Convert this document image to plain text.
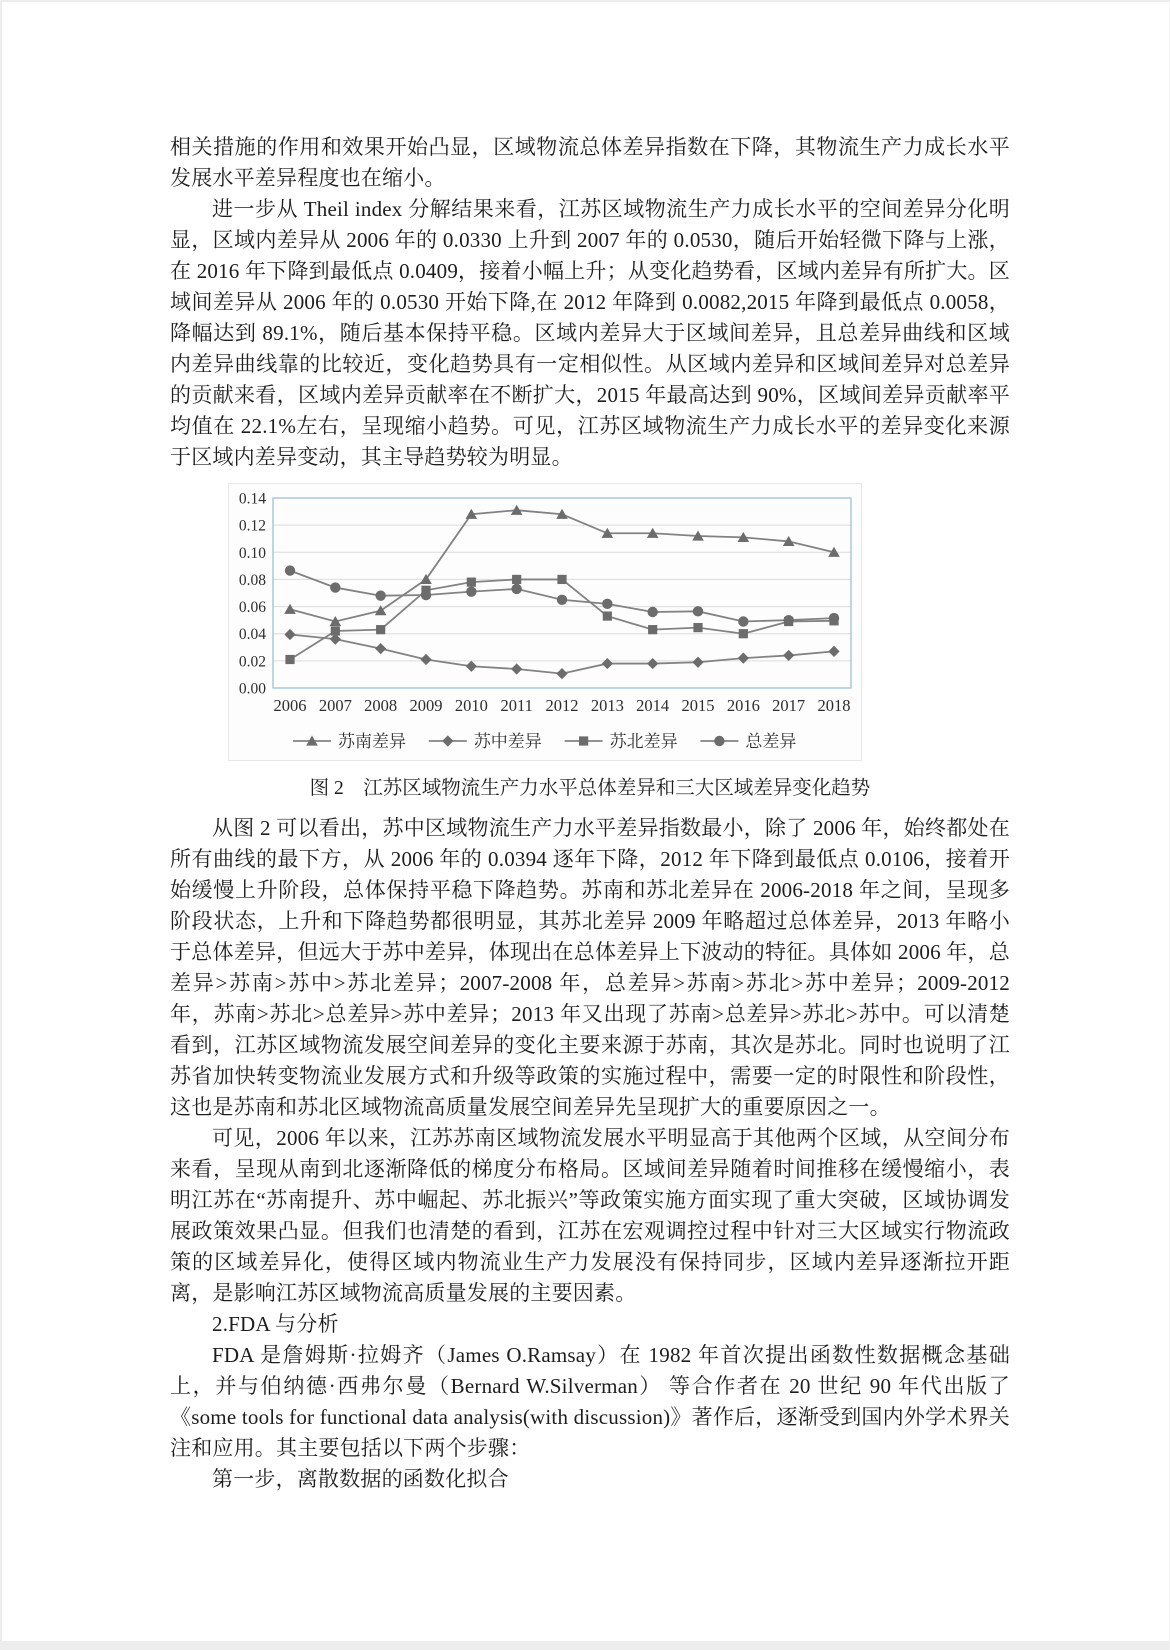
相关措施的作用和效果开始凸显，区域物流总体差异指数在下降，其物流生产力成长水平发展水平差异程度也在缩小。

进一步从 Theil index 分解结果来看，江苏区域物流生产力成长水平的空间差异分化明显，区域内差异从 2006 年的 0.0330 上升到 2007 年的 0.0530，随后开始轻微下降与上涨，在 2016 年下降到最低点 0.0409，接着小幅上升；从变化趋势看，区域内差异有所扩大。区域间差异从 2006 年的 0.0530 开始下降,在 2012 年降到 0.0082,2015 年降到最低点 0.0058，降幅达到 89.1%，随后基本保持平稳。区域内差异大于区域间差异，且总差异曲线和区域内差异曲线靠的比较近，变化趋势具有一定相似性。从区域内差异和区域间差异对总差异的贡献来看，区域内差异贡献率在不断扩大，2015 年最高达到 90%，区域间差异贡献率平均值在 22.1%左右，呈现缩小趋势。可见，江苏区域物流生产力成长水平的差异变化来源于区域内差异变动，其主导趋势较为明显。

0.00
0.02
0.04
0.06
0.08
0.10
0.12
0.14
2006 2007 2008 2009 2010 2011 2012 2013 2014 2015 2016 2017 2018
苏南差异	苏中差异	苏北差异	总差异
图 2　江苏区域物流生产力水平总体差异和三大区域差异变化趋势

从图 2 可以看出，苏中区域物流生产力水平差异指数最小，除了 2006 年，始终都处在所有曲线的最下方，从 2006 年的 0.0394 逐年下降，2012 年下降到最低点 0.0106，接着开始缓慢上升阶段，总体保持平稳下降趋势。苏南和苏北差异在 2006-2018 年之间，呈现多阶段状态，上升和下降趋势都很明显，其苏北差异 2009 年略超过总体差异，2013 年略小于总体差异，但远大于苏中差异，体现出在总体差异上下波动的特征。具体如 2006 年，总差异>苏南>苏中>苏北差异；2007-2008 年，总差异>苏南>苏北>苏中差异；2009-2012 年，苏南>苏北>总差异>苏中差异；2013 年又出现了苏南>总差异>苏北>苏中。可以清楚看到，江苏区域物流发展空间差异的变化主要来源于苏南，其次是苏北。同时也说明了江苏省加快转变物流业发展方式和升级等政策的实施过程中，需要一定的时限性和阶段性，这也是苏南和苏北区域物流高质量发展空间差异先呈现扩大的重要原因之一。

可见，2006 年以来，江苏苏南区域物流发展水平明显高于其他两个区域，从空间分布来看，呈现从南到北逐渐降低的梯度分布格局。区域间差异随着时间推移在缓慢缩小，表明江苏在“苏南提升、苏中崛起、苏北振兴”等政策实施方面实现了重大突破，区域协调发展政策效果凸显。但我们也清楚的看到，江苏在宏观调控过程中针对三大区域实行物流政策的区域差异化，使得区域内物流业生产力发展没有保持同步，区域内差异逐渐拉开距离，是影响江苏区域物流高质量发展的主要因素。

2.FDA 与分析

FDA 是詹姆斯·拉姆齐（James O.Ramsay）在 1982 年首次提出函数性数据概念基础上，并与伯纳德·西弗尔曼（Bernard W.Silverman） 等合作者在 20 世纪 90 年代出版了《some tools for functional data analysis(with discussion)》著作后，逐渐受到国内外学术界关注和应用。其主要包括以下两个步骤：

第一步，离散数据的函数化拟合
